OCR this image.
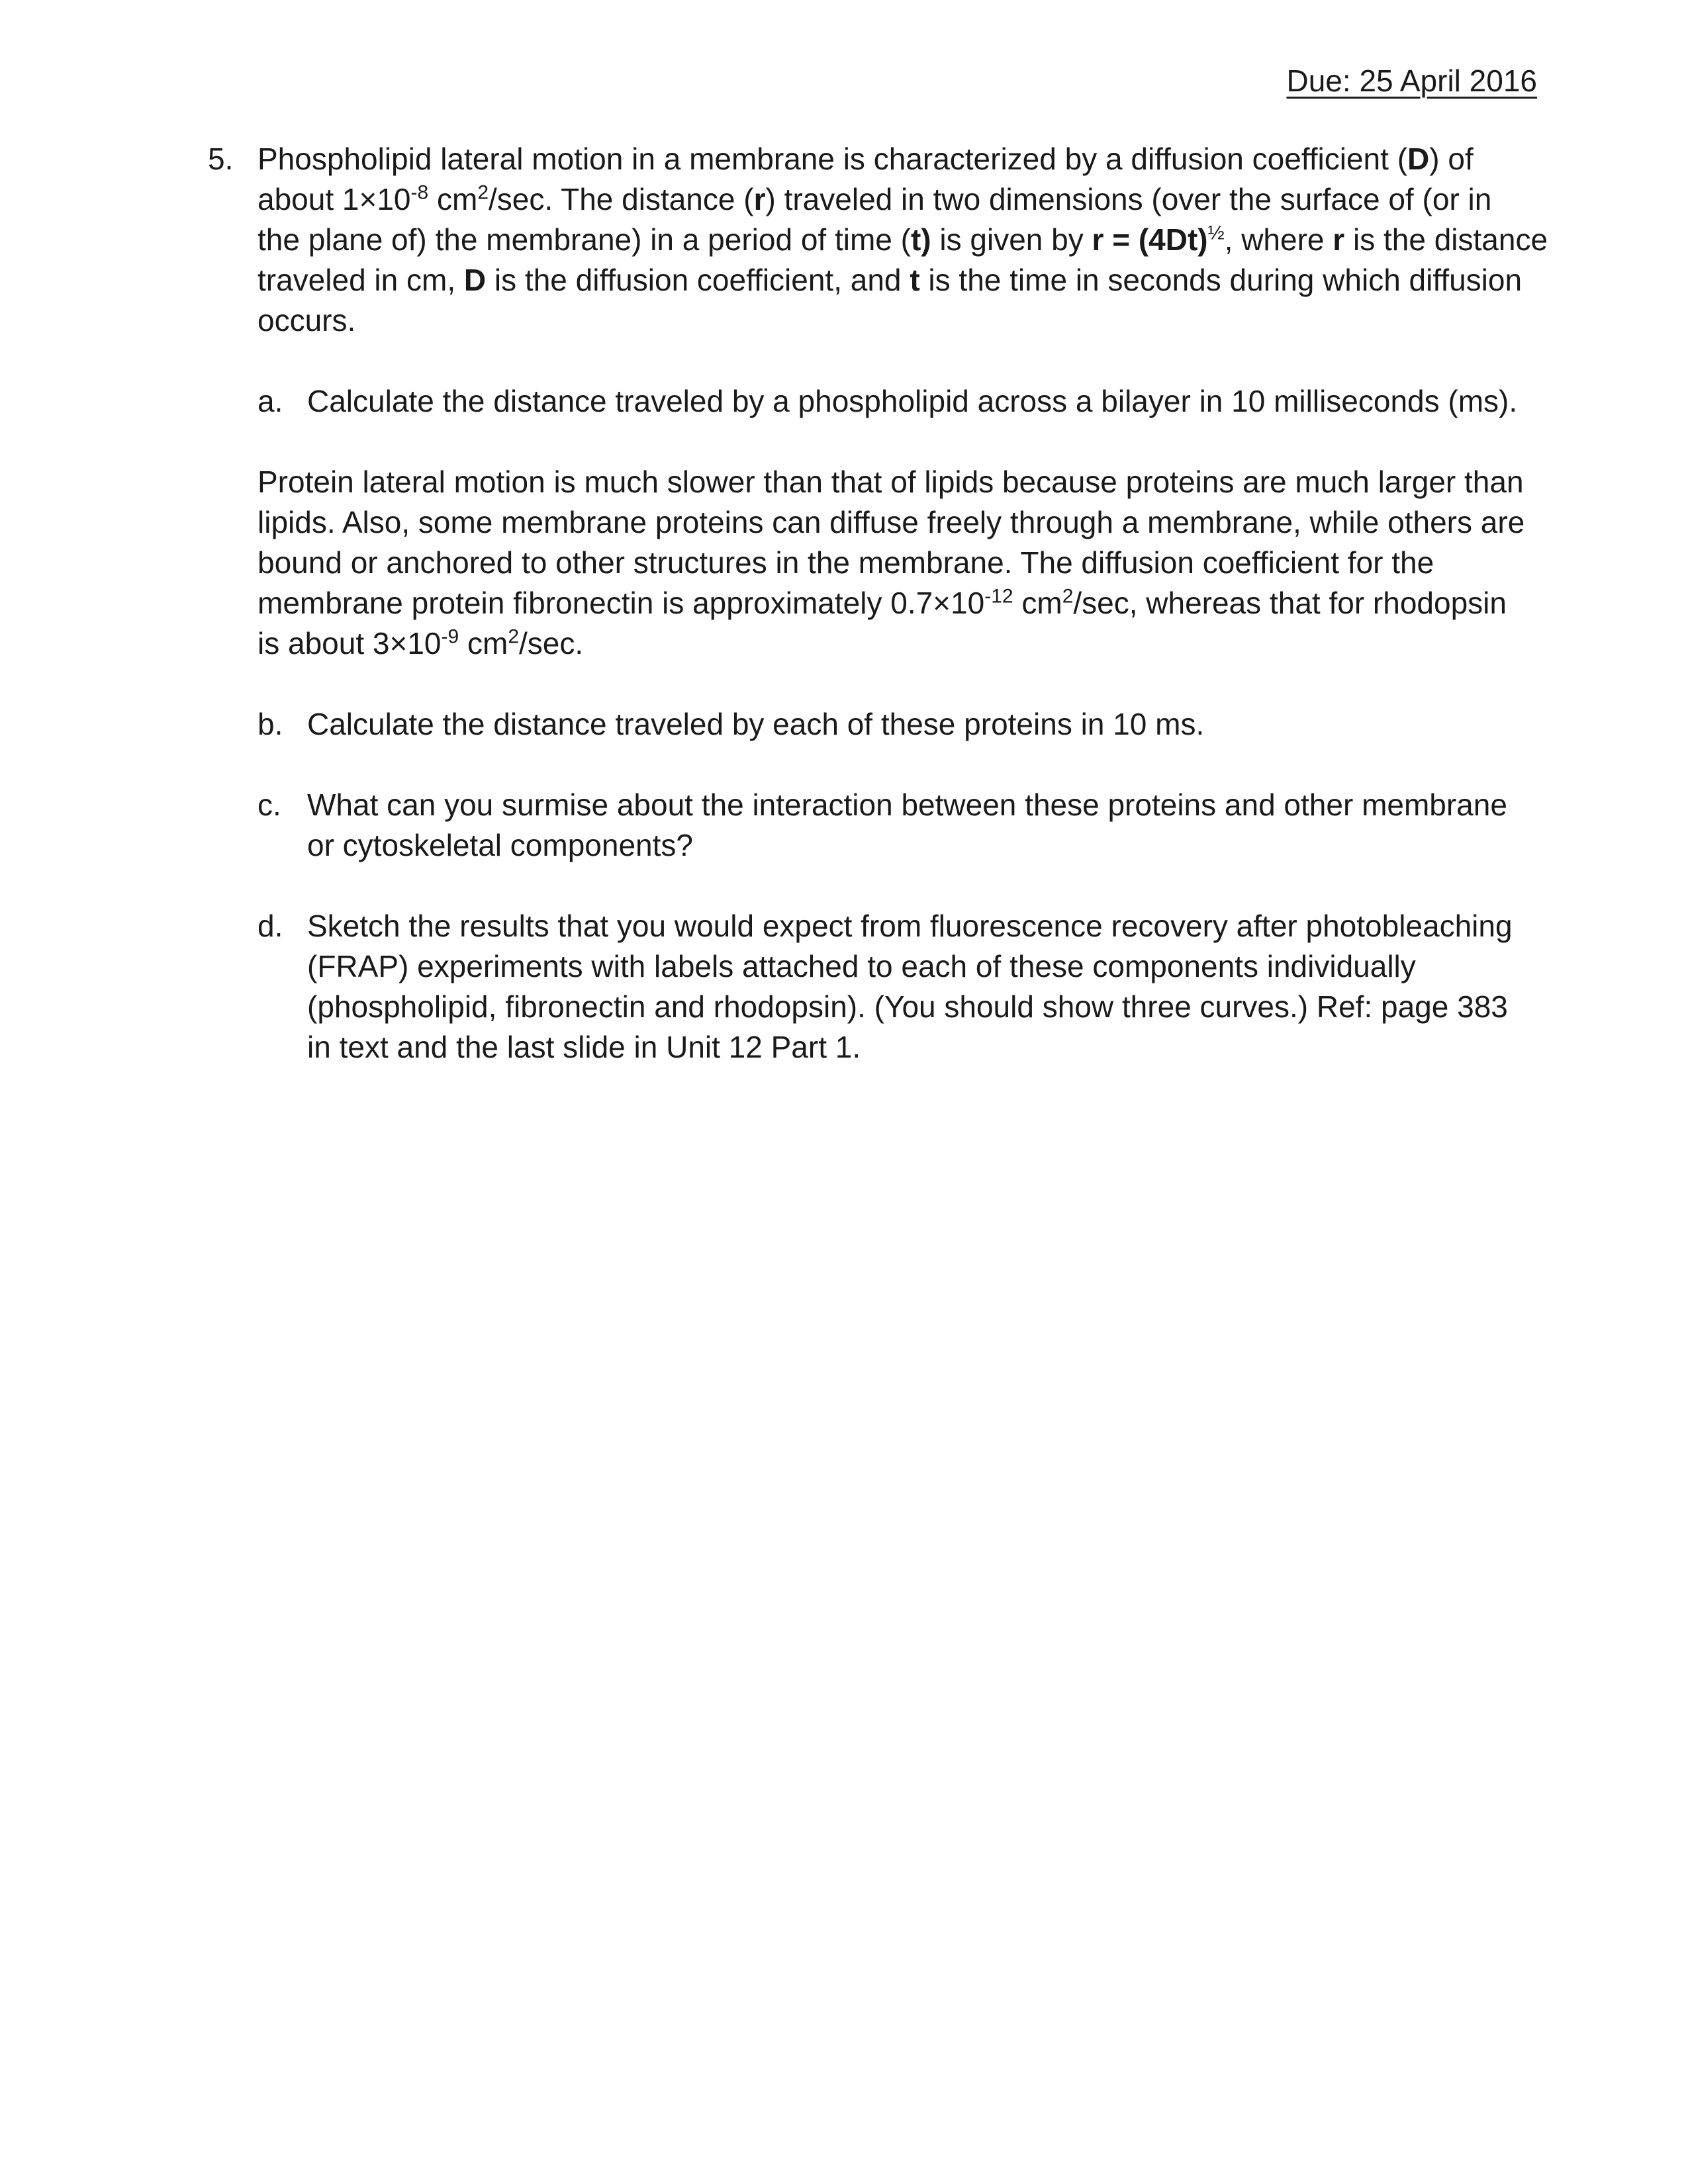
Due: 25 April 2016
5. Phospholipid lateral motion in a membrane is characterized by a diffusion coefficient (D) of
about $1\times 10^{-8}$ $cm^2/\sec$. The distance (r) traveled in two dimensions (over the surface of (or in
the plane of) the membrane) in a period of time (t) is given by $r = (4Dt)^{\frac{1}{2}}$, where r is the distance
traveled in cm, D is the diffusion coefficient, and t is the time in seconds during which diffusion
occurs.
a. Calculate the distance traveled by a phospholipid across a bilayer in 10 milliseconds (ms).
Protein lateral motion is much slower than that of lipids because proteins are much larger than
lipids. Also, some membrane proteins can diffuse freely through a membrane, while others are
bound or anchored to other structures in the membrane. The diffusion coefficient for the
membrane protein fibronectin is approximately $0.7\times 10^{-12}$ $cm^2/\sec$, whereas that for rhodopsin
is about $3\times 10^{-9}$ $cm^2/\sec$.
b. Calculate the distance traveled by each of these proteins in 10 ms.
c. What can you surmise about the interaction between these proteins and other membrane
or cytoskeletal components?
d. Sketch the results that you would expect from fluorescence recovery after photobleaching
(FRAP) experiments with labels attached to each of these components individually
(phospholipid, fibronectin and rhodopsin). (You should show three curves.) Ref: page 383
in text and the last slide in Unit 12 Part 1.
